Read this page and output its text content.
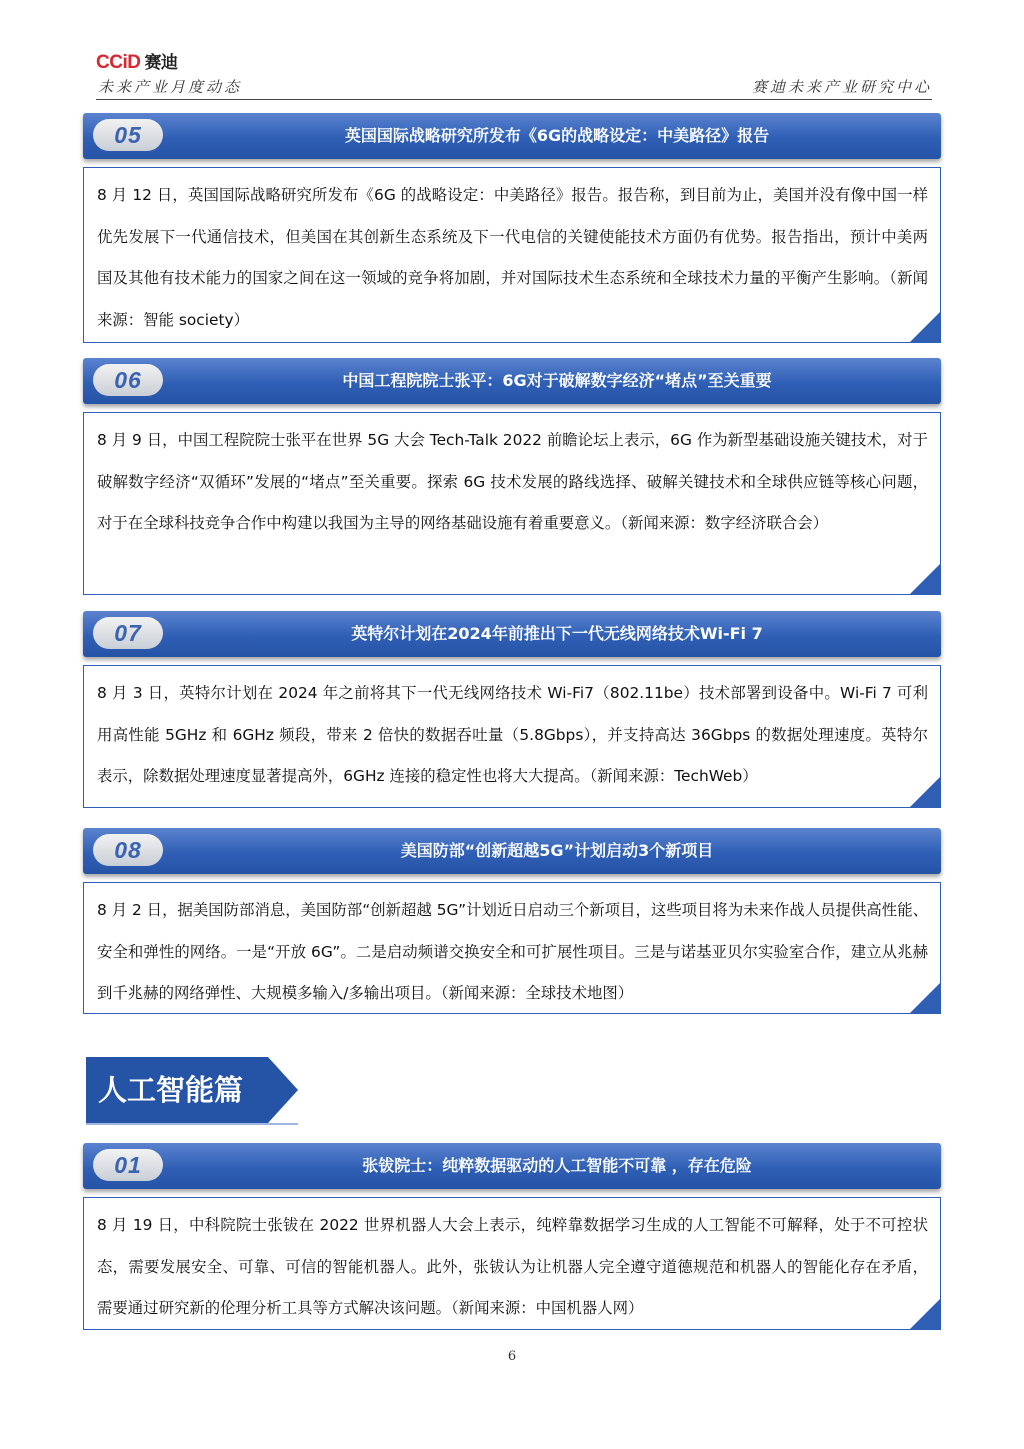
CCiD 赛迪
未来产业月度动态	赛迪未来产业研究中心
05	英国国际战略研究所发布《6G的战略设定：中美路径》报告

8 月 12 日，英国国际战略研究所发布《6G 的战略设定：中美路径》报告。报告称，到目前为止，美国并没有像中国一样优先发展下一代通信技术，但美国在其创新生态系统及下一代电信的关键使能技术方面仍有优势。报告指出，预计中美两国及其他有技术能力的国家之间在这一领域的竞争将加剧，并对国际技术生态系统和全球技术力量的平衡产生影响。（新闻来源：智能 society）

06	中国工程院院士张平：6G对于破解数字经济“堵点”至关重要

8 月 9 日，中国工程院院士张平在世界 5G 大会 Tech-Talk 2022 前瞻论坛上表示，6G 作为新型基础设施关键技术，对于破解数字经济“双循环”发展的“堵点”至关重要。探索 6G 技术发展的路线选择、破解关键技术和全球供应链等核心问题，对于在全球科技竞争合作中构建以我国为主导的网络基础设施有着重要意义。（新闻来源：数字经济联合会）

07	英特尔计划在2024年前推出下一代无线网络技术Wi-Fi 7

8 月 3 日，英特尔计划在 2024 年之前将其下一代无线网络技术 Wi-Fi7（802.11be）技术部署到设备中。Wi-Fi 7 可利用高性能 5GHz 和 6GHz 频段，带来 2 倍快的数据吞吐量（5.8Gbps），并支持高达 36Gbps 的数据处理速度。英特尔表示，除数据处理速度显著提高外，6GHz 连接的稳定性也将大大提高。（新闻来源：TechWeb）

08	美国防部“创新超越5G”计划启动3个新项目

8 月 2 日，据美国防部消息，美国防部“创新超越 5G”计划近日启动三个新项目，这些项目将为未来作战人员提供高性能、安全和弹性的网络。一是“开放 6G”。二是启动频谱交换安全和可扩展性项目。三是与诺基亚贝尔实验室合作，建立从兆赫到千兆赫的网络弹性、大规模多输入/多输出项目。（新闻来源：全球技术地图）

人工智能篇
01	张钹院士：纯粹数据驱动的人工智能不可靠 ，存在危险

8 月 19 日，中科院院士张钹在 2022 世界机器人大会上表示，纯粹靠数据学习生成的人工智能不可解释，处于不可控状态，需要发展安全、可靠、可信的智能机器人。此外，张钹认为让机器人完全遵守道德规范和机器人的智能化存在矛盾，需要通过研究新的伦理分析工具等方式解决该问题。（新闻来源：中国机器人网）

6
